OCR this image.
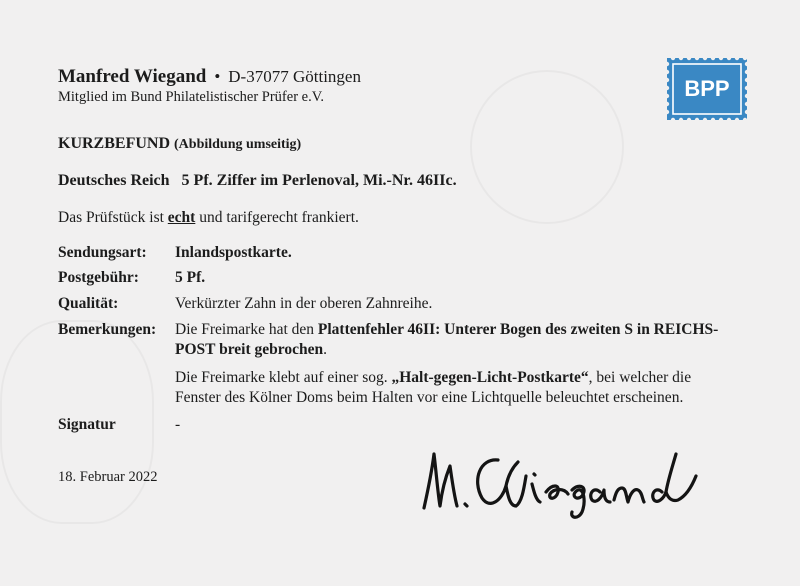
Manfred Wiegand • D-37077 Göttingen
Mitglied im Bund Philatelistischer Prüfer e.V.	BPP
KURZBEFUND (Abbildung umseitig)
Deutsches Reich 5 Pf. Ziffer im Perlenoval, Mi.-Nr. 46IIc.
Das Prüfstück ist echt und tarifgerecht frankiert.
Sendungsart: Inlandspostkarte.
Postgebühr: 5 Pf.
Qualität:	Verkürzter Zahn in der oberen Zahnreihe.
Bemerkungen: Die Freimarke hat den Plattenfehler 46II: Unterer Bogen des zweiten S in REICHS-
POST breit gebrochen.
Die Freimarke klebt auf einer sog. „Halt-gegen-Licht-Postkarte“, bei welcher die
Fenster des Kölner Doms beim Halten vor eine Lichtquelle beleuchtet erscheinen.
Signatur	-
18. Februar 2022
